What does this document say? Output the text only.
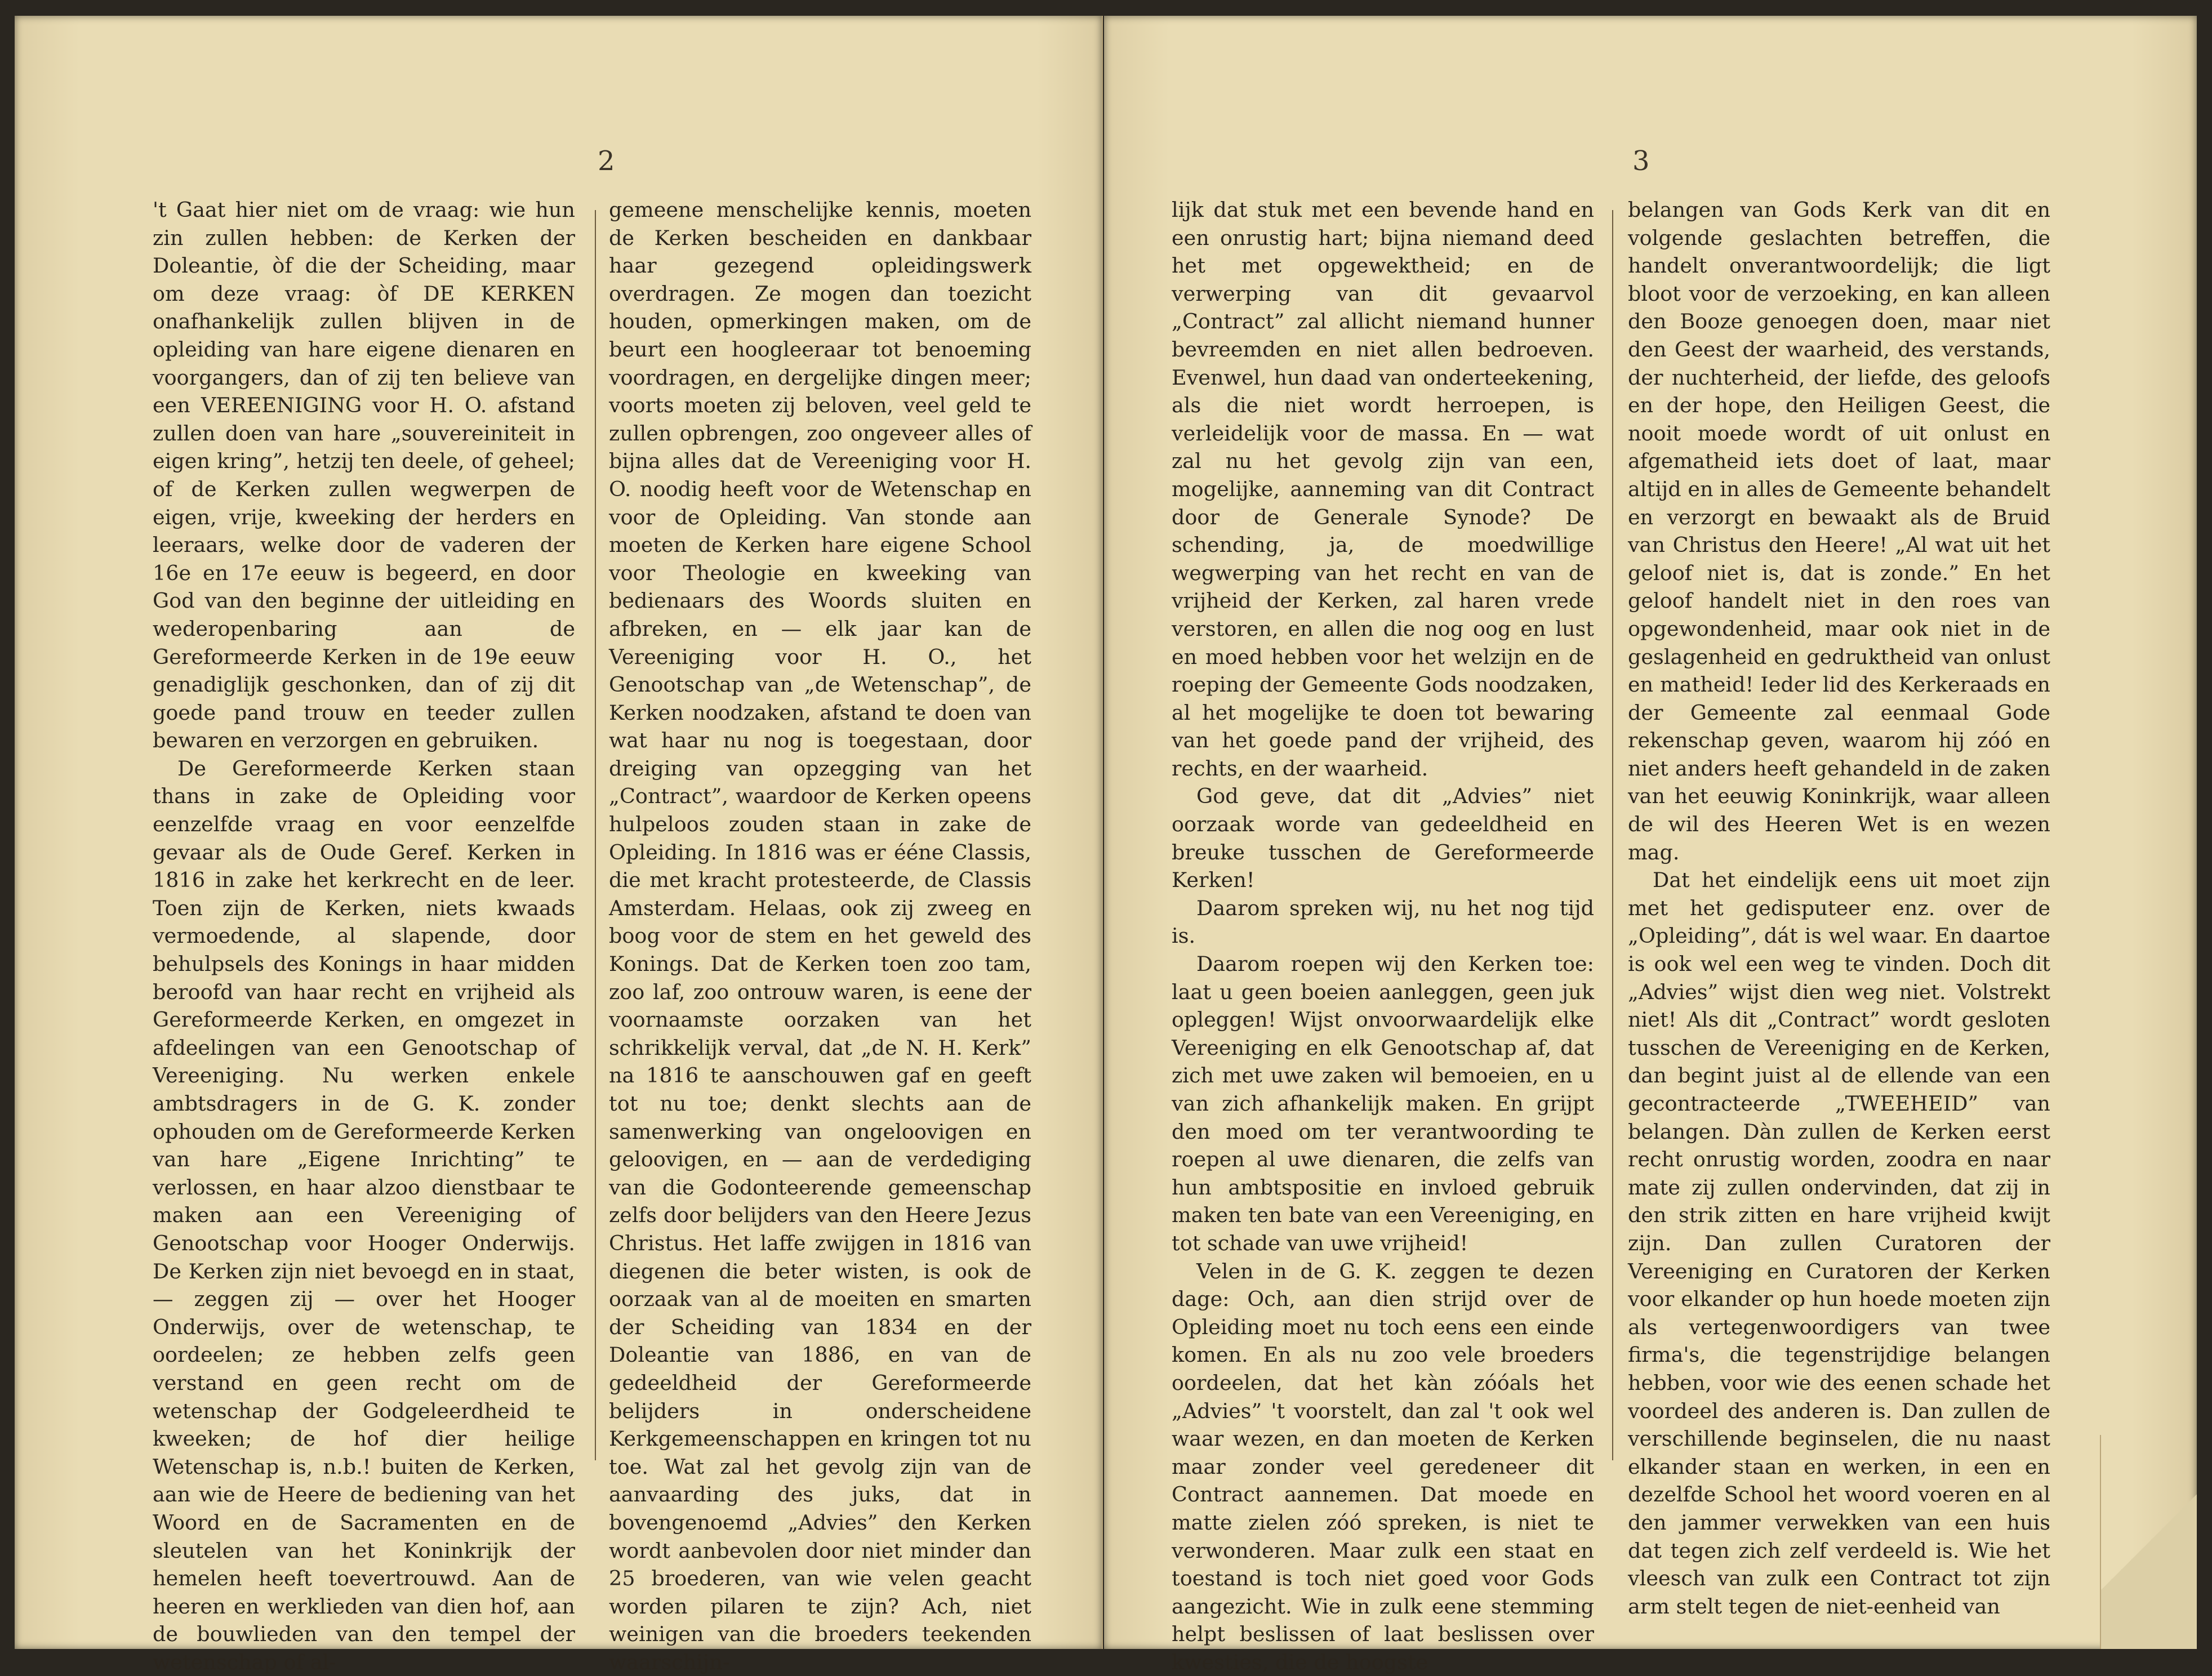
2

't Gaat hier niet om de vraag: wie hun zin zullen hebben: de Kerken der Doleantie, òf die der Scheiding, maar om deze vraag: òf DE KERKEN onafhankelijk zullen blijven in de opleiding van hare eigene dienaren en voorgangers, dan of zij ten believe van een VEREENIGING voor H. O. afstand zullen doen van hare „souvereiniteit in eigen kring”, hetzij ten deele, of geheel; of de Kerken zullen wegwerpen de eigen, vrije, kweeking der herders en leeraars, welke door de vaderen der 16e en 17e eeuw is begeerd, en door God van den beginne der uitleiding en wederopenbaring aan de Gereformeerde Kerken in de 19e eeuw genadiglijk geschonken, dan of zij dit goede pand trouw en teeder zullen bewaren en verzorgen en gebruiken.

De Gereformeerde Kerken staan thans in zake de Opleiding voor eenzelfde vraag en voor eenzelfde gevaar als de Oude Geref. Kerken in 1816 in zake het kerkrecht en de leer. Toen zijn de Kerken, niets kwaads vermoedende, al slapende, door behulpsels des Konings in haar midden beroofd van haar recht en vrijheid als Gereformeerde Kerken, en omgezet in afdeelingen van een Genootschap of Vereeniging. Nu werken enkele ambtsdragers in de G. K. zonder ophouden om de Gereformeerde Kerken van hare „Eigene Inrichting” te verlossen, en haar alzoo dienstbaar te maken aan een Vereeniging of Genootschap voor Hooger Onderwijs. De Kerken zijn niet bevoegd en in staat, — zeggen zij — over het Hooger Onderwijs, over de wetenschap, te oordeelen; ze hebben zelfs geen verstand en geen recht om de wetenschap der Godgeleerdheid te kweeken; de hof dier heilige Wetenschap is, n.b.! buiten de Kerken, aan wie de Heere de bediening van het Woord en de Sacramenten en de sleutelen van het Koninkrijk der hemelen heeft toevertrouwd. Aan de heeren en werklieden van dien hof, aan de bouwlieden van den tempel der wetenschap of al-

gemeene menschelijke kennis, moeten de Kerken bescheiden en dankbaar haar gezegend opleidingswerk overdragen. Ze mogen dan toezicht houden, opmerkingen maken, om de beurt een hoogleeraar tot benoeming voordragen, en dergelijke dingen meer; voorts moeten zij beloven, veel geld te zullen opbrengen, zoo ongeveer alles of bijna alles dat de Vereeniging voor H. O. noodig heeft voor de Wetenschap en voor de Opleiding. Van stonde aan moeten de Kerken hare eigene School voor Theologie en kweeking van bedienaars des Woords sluiten en afbreken, en — elk jaar kan de Vereeniging voor H. O., het Genootschap van „de Wetenschap”, de Kerken noodzaken, afstand te doen van wat haar nu nog is toegestaan, door dreiging van opzegging van het „Contract”, waardoor de Kerken opeens hulpeloos zouden staan in zake de Opleiding. In 1816 was er ééne Classis, die met kracht protesteerde, de Classis Amsterdam. Helaas, ook zij zweeg en boog voor de stem en het geweld des Konings. Dat de Kerken toen zoo tam, zoo laf, zoo ontrouw waren, is eene der voornaamste oorzaken van het schrikkelijk verval, dat „de N. H. Kerk” na 1816 te aanschouwen gaf en geeft tot nu toe; denkt slechts aan de samenwerking van ongeloovigen en geloovigen, en — aan de verdediging van die Godonteerende gemeenschap zelfs door belijders van den Heere Jezus Christus. Het laffe zwijgen in 1816 van diegenen die beter wisten, is ook de oorzaak van al de moeiten en smarten der Scheiding van 1834 en der Doleantie van 1886, en van de gedeeldheid der Gereformeerde belijders in onderscheidene Kerkgemeenschappen en kringen tot nu toe. Wat zal het gevolg zijn van de aanvaarding des juks, dat in bovengenoemd „Advies” den Kerken wordt aanbevolen door niet minder dan 25 broederen, van wie velen geacht worden pilaren te zijn? Ach, niet weinigen van die broeders teekenden waarschijn-

3

lijk dat stuk met een bevende hand en een onrustig hart; bijna niemand deed het met opgewektheid; en de verwerping van dit gevaarvol „Contract” zal allicht niemand hunner bevreemden en niet allen bedroeven. Evenwel, hun daad van onderteekening, als die niet wordt herroepen, is verleidelijk voor de massa. En — wat zal nu het gevolg zijn van een, mogelijke, aanneming van dit Contract door de Generale Synode? De schending, ja, de moedwillige wegwerping van het recht en van de vrijheid der Kerken, zal haren vrede verstoren, en allen die nog oog en lust en moed hebben voor het welzijn en de roeping der Gemeente Gods noodzaken, al het mogelijke te doen tot bewaring van het goede pand der vrijheid, des rechts, en der waarheid.

God geve, dat dit „Advies” niet oorzaak worde van gedeeldheid en breuke tusschen de Gereformeerde Kerken!

Daarom spreken wij, nu het nog tijd is.

Daarom roepen wij den Kerken toe: laat u geen boeien aanleggen, geen juk opleggen! Wijst onvoorwaardelijk elke Vereeniging en elk Genootschap af, dat zich met uwe zaken wil bemoeien, en u van zich afhankelijk maken. En grijpt den moed om ter verantwoording te roepen al uwe dienaren, die zelfs van hun ambtspositie en invloed gebruik maken ten bate van een Vereeniging, en tot schade van uwe vrijheid!

Velen in de G. K. zeggen te dezen dage: Och, aan dien strijd over de Opleiding moet nu toch eens een einde komen. En als nu zoo vele broeders oordeelen, dat het kàn zóóals het „Advies” 't voorstelt, dan zal 't ook wel waar wezen, en dan moeten de Kerken maar zonder veel geredeneer dit Contract aannemen. Dat moede en matte zielen zóó spreken, is niet te verwonderen. Maar zulk een staat en toestand is toch niet goed voor Gods aangezicht. Wie in zulk eene stemming helpt beslissen of laat beslissen over kwesties, die de hoogste

belangen van Gods Kerk van dit en volgende geslachten betreffen, die handelt onverantwoordelijk; die ligt bloot voor de verzoeking, en kan alleen den Booze genoegen doen, maar niet den Geest der waarheid, des verstands, der nuchterheid, der liefde, des geloofs en der hope, den Heiligen Geest, die nooit moede wordt of uit onlust en afgematheid iets doet of laat, maar altijd en in alles de Gemeente behandelt en verzorgt en bewaakt als de Bruid van Christus den Heere! „Al wat uit het geloof niet is, dat is zonde.” En het geloof handelt niet in den roes van opgewondenheid, maar ook niet in de geslagenheid en gedruktheid van onlust en matheid! Ieder lid des Kerkeraads en der Gemeente zal eenmaal Gode rekenschap geven, waarom hij zóó en niet anders heeft gehandeld in de zaken van het eeuwig Koninkrijk, waar alleen de wil des Heeren Wet is en wezen mag.

Dat het eindelijk eens uit moet zijn met het gedisputeer enz. over de „Opleiding”, dát is wel waar. En daartoe is ook wel een weg te vinden. Doch dit „Advies” wijst dien weg niet. Volstrekt niet! Als dit „Contract” wordt gesloten tusschen de Vereeniging en de Kerken, dan begint juist al de ellende van een gecontracteerde „TWEEHEID” van belangen. Dàn zullen de Kerken eerst recht onrustig worden, zoodra en naar mate zij zullen ondervinden, dat zij in den strik zitten en hare vrijheid kwijt zijn. Dan zullen Curatoren der Vereeniging en Curatoren der Kerken voor elkander op hun hoede moeten zijn als vertegenwoordigers van twee firma's, die tegenstrijdige belangen hebben, voor wie des eenen schade het voordeel des anderen is. Dan zullen de verschillende beginselen, die nu naast elkander staan en werken, in een en dezelfde School het woord voeren en al den jammer verwekken van een huis dat tegen zich zelf verdeeld is. Wie het vleesch van zulk een Contract tot zijn arm stelt tegen de niet-eenheid van
